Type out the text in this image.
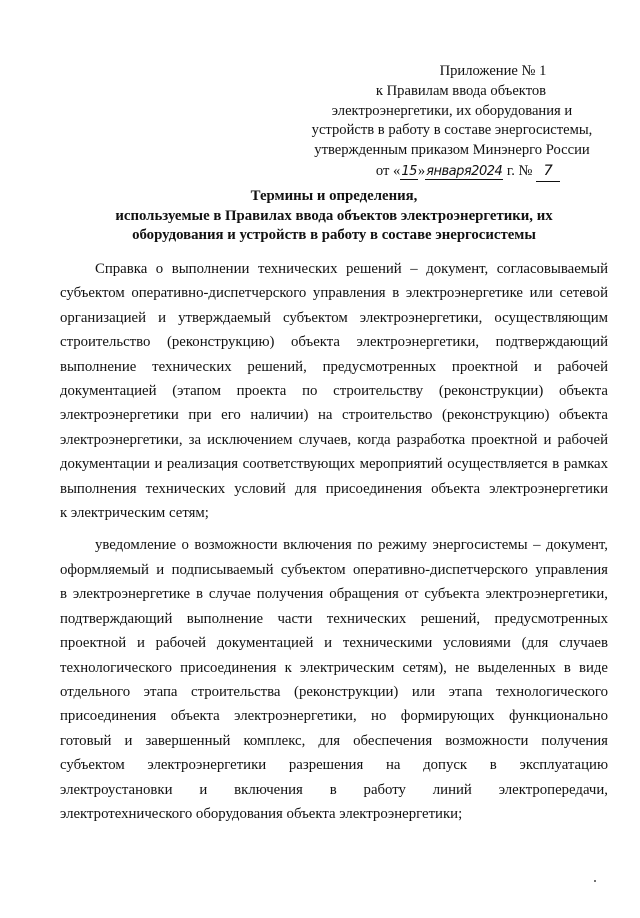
Приложение № 1
к Правилам ввода объектов
электроэнергетики, их оборудования и
устройств в работу в составе энергосистемы,
утвержденным приказом Минэнерго России
от «15»января2024 г. № 7
Термины и определения,
используемые в Правилах ввода объектов электроэнергетики, их
оборудования и устройств в работу в составе энергосистемы

Справка о выполнении технических решений – документ, согласовываемый
субъектом оперативно-диспетчерского управления в электроэнергетике или сетевой
организацией и утверждаемый субъектом электроэнергетики, осуществляющим
строительство (реконструкцию) объекта электроэнергетики, подтверждающий
выполнение технических решений, предусмотренных проектной и рабочей
документацией (этапом проекта по строительству (реконструкции) объекта
электроэнергетики при его наличии) на строительство (реконструкцию) объекта
электроэнергетики, за исключением случаев, когда разработка проектной и рабочей
документации и реализация соответствующих мероприятий осуществляется в рамках
выполнения технических условий для присоединения объекта электроэнергетики
к электрическим сетям;

уведомление о возможности включения по режиму энергосистемы – документ,
оформляемый и подписываемый субъектом оперативно-диспетчерского управления
в электроэнергетике в случае получения обращения от субъекта электроэнергетики,
подтверждающий выполнение части технических решений, предусмотренных
проектной и рабочей документацией и техническими условиями (для случаев
технологического присоединения к электрическим сетям), не выделенных в виде
отдельного этапа строительства (реконструкции) или этапа технологического
присоединения объекта электроэнергетики, но формирующих функционально
готовый и завершенный комплекс, для обеспечения возможности получения
субъектом электроэнергетики разрешения на допуск в эксплуатацию
электроустановки и включения в работу линий электропередачи,
электротехнического оборудования объекта электроэнергетики;
